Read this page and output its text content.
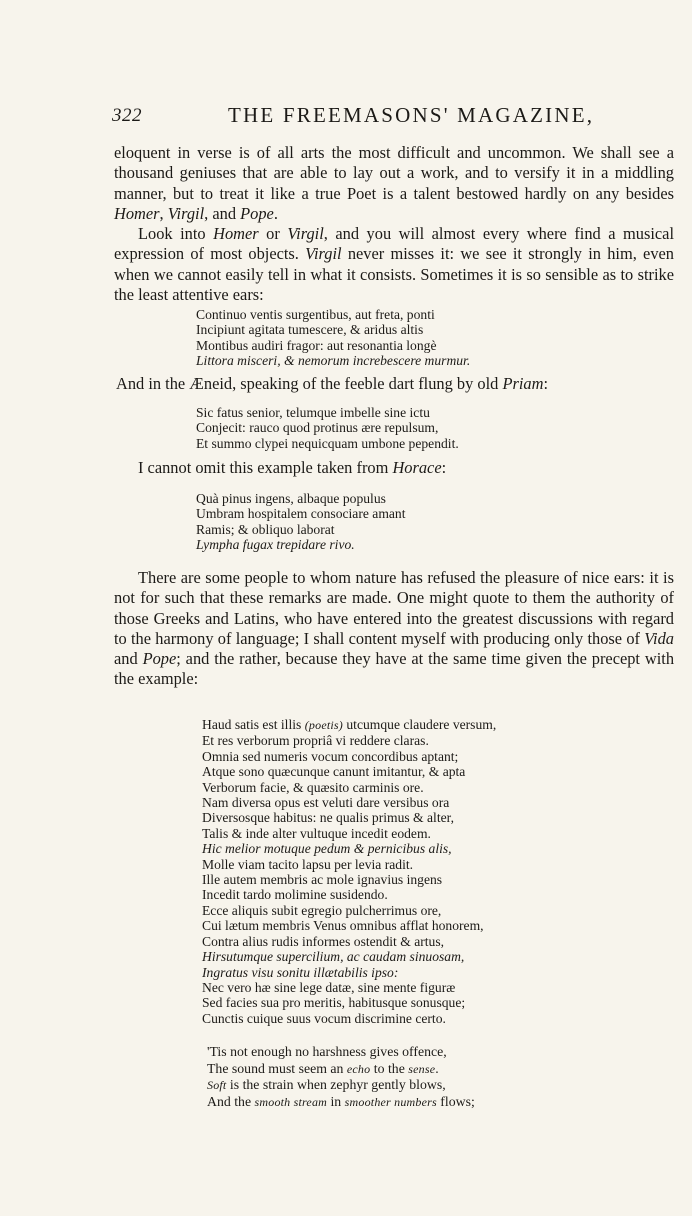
322	THE FREEMASONS' MAGAZINE,

eloquent in verse is of all arts the most difficult and uncommon. We shall see a thousand geniuses that are able to lay out a work, and to versify it in a middling manner, but to treat it like a true Poet is a talent bestowed hardly on any besides Homer, Virgil, and Pope.

Look into Homer or Virgil, and you will almost every where find a musical expression of most objects. Virgil never misses it: we see it strongly in him, even when we cannot easily tell in what it consists. Sometimes it is so sensible as to strike the least attentive ears:

Continuo ventis surgentibus, aut freta, ponti
Incipiunt agitata tumescere, & aridus altis
Montibus audiri fragor: aut resonantia longè
Littora misceri, & nemorum increbescere murmur.

And in the Æneid, speaking of the feeble dart flung by old Priam:

Sic fatus senior, telumque imbelle sine ictu
Conjecit: rauco quod protinus ære repulsum,
Et summo clypei nequicquam umbone pependit.

I cannot omit this example taken from Horace:

Quà pinus ingens, albaque populus
Umbram hospitalem consociare amant
Ramis; & obliquo laborat
Lympha fugax trepidare rivo.

There are some people to whom nature has refused the pleasure of nice ears: it is not for such that these remarks are made. One might quote to them the authority of those Greeks and Latins, who have entered into the greatest discussions with regard to the harmony of language; I shall content myself with producing only those of Vida and Pope; and the rather, because they have at the same time given the precept with the example:

Haud satis est illis (poetis) utcumque claudere versum,
Et res verborum propriâ vi reddere claras.
Omnia sed numeris vocum concordibus aptant;
Atque sono quæcunque canunt imitantur, & apta
Verborum facie, & quæsito carminis ore.
Nam diversa opus est veluti dare versibus ora
Diversosque habitus: ne qualis primus & alter,
Talis & inde alter vultuque incedit eodem.
Hic melior motuque pedum & pernicibus alis,
Molle viam tacito lapsu per levia radit.
Ille autem membris ac mole ignavius ingens
Incedit tardo molimine susidendo.
Ecce aliquis subit egregio pulcherrimus ore,
Cui lætum membris Venus omnibus afflat honorem,
Contra alius rudis informes ostendit & artus,
Hirsutumque supercilium, ac caudam sinuosam,
Ingratus visu sonitu illætabilis ipso:
Nec vero hæ sine lege datæ, sine mente figuræ
Sed facies sua pro meritis, habitusque sonusque;
Cunctis cuique suus vocum discrimine certo.
'Tis not enough no harshness gives offence,
The sound must seem an echo to the sense.
Soft is the strain when zephyr gently blows,
And the smooth stream in smoother numbers flows;
